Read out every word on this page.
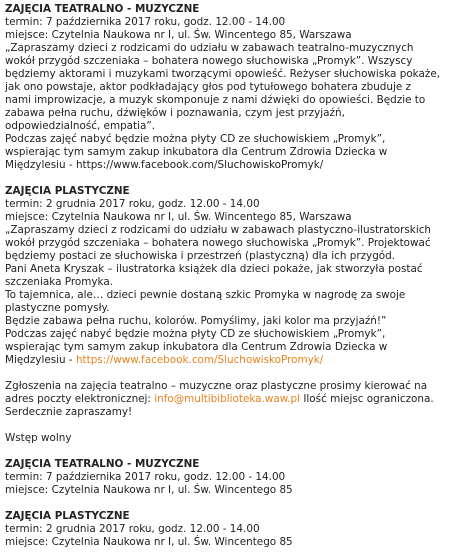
ZAJĘCIA TEATRALNO - MUZYCZNE
termin: 7 października 2017 roku, godz. 12.00 - 14.00
miejsce: Czytelnia Naukowa nr I, ul. Św. Wincentego 85, Warszawa
„Zapraszamy dzieci z rodzicami do udziału w zabawach teatralno-muzycznych
wokół przygód szczeniaka – bohatera nowego słuchowiska „Promyk”. Wszyscy
będziemy aktorami i muzykami tworzącymi opowieść. Reżyser słuchowiska pokaże,
jak ono powstaje, aktor podkładający głos pod tytułowego bohatera zbuduje z
nami improwizacje, a muzyk skomponuje z nami dźwięki do opowieści. Będzie to
zabawa pełna ruchu, dźwięków i poznawania, czym jest przyjaźń,
odpowiedzialność, empatia”.
Podczas zajęć nabyć będzie można płyty CD ze słuchowiskiem „Promyk”,
wspierając tym samym zakup inkubatora dla Centrum Zdrowia Dziecka w
Międzylesiu - https://www.facebook.com/SluchowiskoPromyk/
ZAJĘCIA PLASTYCZNE
termin: 2 grudnia 2017 roku, godz. 12.00 - 14.00
miejsce: Czytelnia Naukowa nr I, ul. Św. Wincentego 85, Warszawa
„Zapraszamy dzieci z rodzicami do udziału w zabawach plastyczno-ilustratorskich
wokół przygód szczeniaka – bohatera nowego słuchowiska „Promyk”. Projektować
będziemy postaci ze słuchowiska i przestrzeń (plastyczną) dla ich przygód.
Pani Aneta Kryszak – ilustratorka książek dla dzieci pokaże, jak stworzyła postać
szczeniaka Promyka.
To tajemnica, ale… dzieci pewnie dostaną szkic Promyka w nagrodę za swoje
plastyczne pomysły.
Będzie zabawa pełna ruchu, kolorów. Pomyślimy, jaki kolor ma przyjaźń!”
Podczas zajęć nabyć będzie można płyty CD ze słuchowiskiem „Promyk”,
wspierając tym samym zakup inkubatora dla Centrum Zdrowia Dziecka w
Międzylesiu - https://www.facebook.com/SluchowiskoPromyk/
Zgłoszenia na zajęcia teatralno – muzyczne oraz plastyczne prosimy kierować na
adres poczty elektronicznej: info@multibiblioteka.waw.pl Ilość miejsc ograniczona.
Serdecznie zapraszamy!
Wstęp wolny
ZAJĘCIA TEATRALNO - MUZYCZNE
termin: 7 października 2017 roku, godz. 12.00 - 14.00
miejsce: Czytelnia Naukowa nr I, ul. Św. Wincentego 85
ZAJĘCIA PLASTYCZNE
termin: 2 grudnia 2017 roku, godz. 12.00 - 14.00
miejsce: Czytelnia Naukowa nr I, ul. Św. Wincentego 85
